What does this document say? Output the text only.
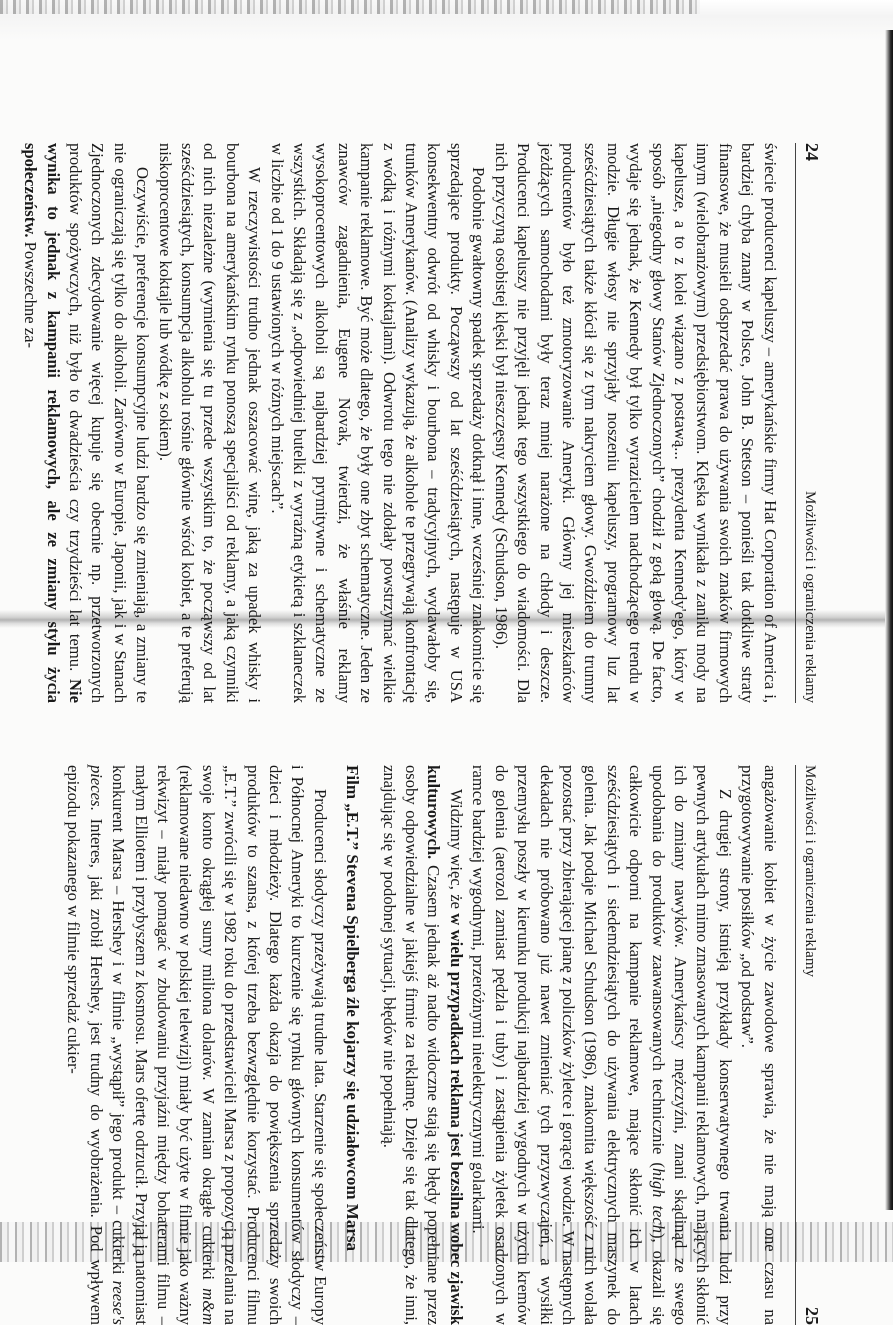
24
Możliwości i ograniczenia reklamy

świecie producenci kapeluszy – amerykańskie firmy Hat Corporation of America i, bardziej chyba znany w Polsce, John B. Stetson – ponieśli tak dotkliwe straty finansowe, że musieli odsprzedać prawa do używania swoich znaków firmowych innym (wielobranżowym) przedsiębiorstwom. Klęska wynikała z zaniku mody na kapelusze, a to z kolei wiązano z postawą... prezydenta Kennedy'ego, który w sposób „niegodny głowy Stanów Zjednoczonych” chodził z gołą głową. De facto, wydaje się jednak, że Kennedy był tylko wyrazicielem nadchodzącego trendu w modzie. Długie włosy nie sprzyjały noszeniu kapeluszy, programowy luz lat sześćdziesiątych także kłócił się z tym nakryciem głowy. Gwoździem do trumny producentów było też zmotoryzowanie Ameryki. Główny jej mieszkańców jeżdżących samochodami były teraz mniej narażone na chłody i deszcze. Producenci kapeluszy nie przyjęli jednak tego wszystkiego do wiadomości. Dla nich przyczyną osobistej klęski był nieszczęsny Kennedy (Schudson, 1986).

Podobnie gwałtowny spadek sprzedaży dotknął i inne, wcześniej znakomicie się sprzedające produkty. Począwszy od lat sześćdziesiątych, następuje w USA konsekwentny odwrót od whisky i bourbona – tradycyjnych, wydawałoby się, trunków Amerykanów. (Analizy wykazują, że alkohole te przegrywają konfrontację z wódką i różnymi koktajlami). Odwrotu tego nie zdołały powstrzymać wielkie kampanie reklamowe. Być może dlatego, że były one zbyt schematyczne. Jeden ze znawców zagadnienia, Eugene Novak, twierdzi, że właśnie reklamy wysokoprocentowych alkoholi są najbardziej prymitywne i schematyczne ze wszystkich. Składają się z „odpowiedniej butelki z wyraźną etykietą i szklaneczek w liczbie od 1 do 9 ustawionych w różnych miejscach”.

W rzeczywistości trudno jednak oszacować winę, jaką za upadek whisky i bourbona na amerykańskim rynku ponoszą specjaliści od reklamy, a jaką czynniki od nich niezależne (wymienia się tu przede wszystkim to, że począwszy od lat sześćdziesiątych, konsumpcja alkoholu rośnie głównie wśród kobiet, a te preferują niskoprocentowe koktajle lub wódkę z sokiem).

Oczywiście, preferencje konsumpcyjne ludzi bardzo się zmieniają, a zmiany te nie ograniczają się tylko do alkoholi. Zarówno w Europie, Japonii, jak i w Stanach Zjednoczonych zdecydowanie więcej kupuje się obecnie np. przetworzonych produktów spożywczych, niż było to dwadzieścia czy trzydzieści lat temu. Nie wynika to jednak z kampanii reklamowych, ale ze zmiany stylu życia społeczeństw. Powszechne za-

Możliwości i ograniczenia reklamy
25

angażowanie kobiet w życie zawodowe sprawia, że nie mają one czasu na przygotowywanie posiłków „od podstaw”.

Z drugiej strony, istnieją przykłady konserwatywnego trwania ludzi przy pewnych artykułach mimo zmasowanych kampanii reklamowych, mających skłonić ich do zmiany nawyków. Amerykańscy mężczyźni, znani skądinąd ze swego upodobania do produktów zaawansowanych technicznie (high tech), okazali się całkowicie odporni na kampanie reklamowe, mające skłonić ich w latach sześćdziesiątych i siedemdziesiątych do używania elektrycznych maszynek do golenia. Jak podaje Michael Schudson (1986), znakomita większość z nich wolała pozostać przy zbierającej pianę z policzków żyletce i gorącej wodzie. W następnych dekadach nie próbowano już nawet zmieniać tych przyzwyczajeń, a wysiłki przemysłu poszły w kierunku produkcji najbardziej wygodnych w użyciu kremów do golenia (aerozol zamiast pędzla i tuby) i zastąpienia żyletek osadzonych w ramce bardziej wygodnymi, przeróżnymi nieelektrycznymi golarkami.

Widzimy więc, że w wielu przypadkach reklama jest bezsilna wobec zjawisk kulturowych. Czasem jednak aż nadto widoczne stają się błędy popełniane przez osoby odpowiedzialne w jakiejś firmie za reklamę. Dzieje się tak dlatego, że inni, znajdując się w podobnej sytuacji, błędów nie popełniają.

Film „E.T.” Stevena Spielberga źle kojarzy się udziałowcom Marsa

Producenci słodyczy przeżywają trudne lata. Starzenie się społeczeństw Europy i Północnej Ameryki to kurczenie się rynku głównych konsumentów słodyczy – dzieci i młodzieży. Dlatego każda okazja do powiększenia sprzedaży swoich produktów to szansa, z której trzeba bezwzględnie korzystać. Producenci filmu „E.T.” zwrócili się w 1982 roku do przedstawicieli Marsa z propozycją przelania na swoje konto okrągłej sumy miliona dolarów. W zamian okrągłe cukierki m&m (reklamowane niedawno w polskiej telewizji) miały być użyte w filmie jako ważny rekwizyt – miały pomagać w zbudowaniu przyjaźni między bohaterami filmu – małym Elliotem i przybyszem z kosmosu. Mars ofertę odrzucił. Przyjął ją natomiast konkurent Marsa – Hershey i w filmie „wystąpił” jego produkt – cukierki reese's pieces. Interes, jaki zrobił Hershey, jest trudny do wyobrażenia. Pod wpływem epizodu pokazanego w filmie sprzedaż cukier-
